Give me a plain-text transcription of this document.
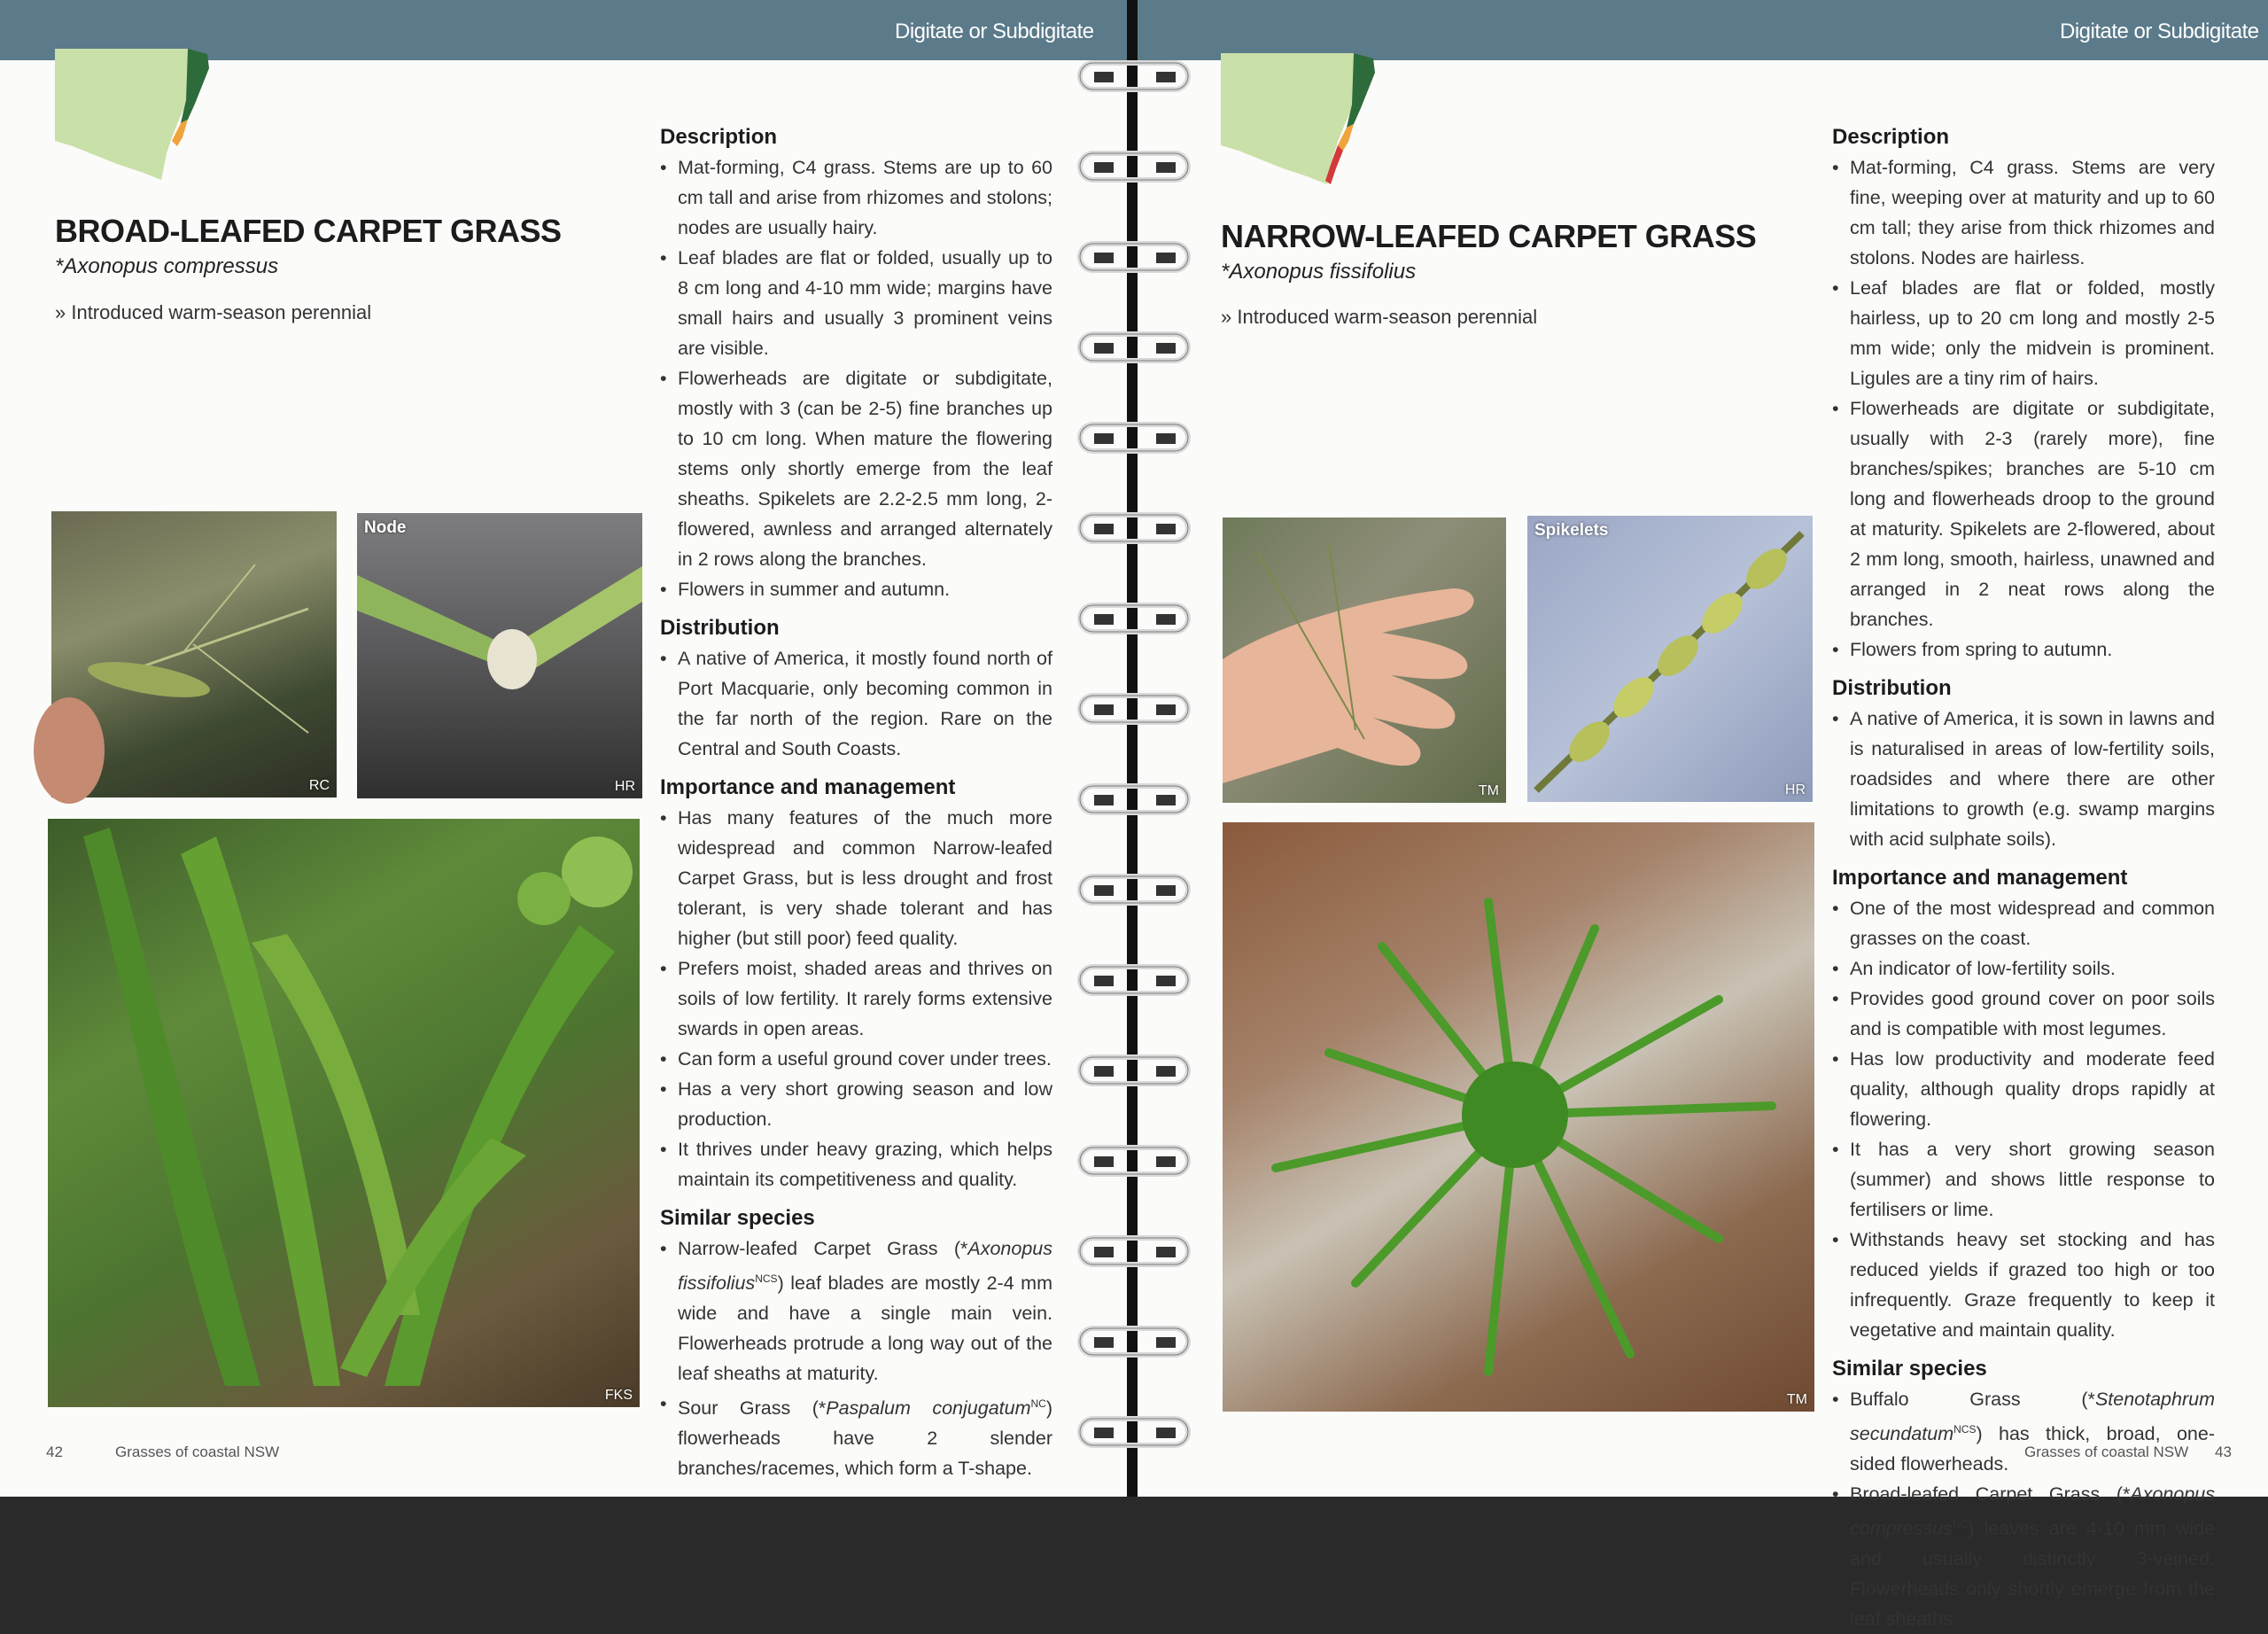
Digitate or Subdigitate
BROAD-LEAFED CARPET GRASS
*Axonopus compressus
» Introduced warm-season perennial
RC
Node
HR
FKS
Description
• Mat-forming, C4 grass. Stems are up to 60 cm tall and arise from rhizomes and stolons; nodes are usually hairy.
• Leaf blades are flat or folded, usually up to 8 cm long and 4-10 mm wide; margins have small hairs and usually 3 prominent veins are visible.
• Flowerheads are digitate or subdigitate, mostly with 3 (can be 2-5) fine branches up to 10 cm long. When mature the flowering stems only shortly emerge from the leaf sheaths. Spikelets are 2.2-2.5 mm long, 2-flowered, awnless and arranged alternately in 2 rows along the branches.
• Flowers in summer and autumn.
Distribution
• A native of America, it mostly found north of Port Macquarie, only becoming common in the far north of the region. Rare on the Central and South Coasts.
Importance and management
• Has many features of the much more widespread and common Narrow-leafed Carpet Grass, but is less drought and frost tolerant, is very shade tolerant and has higher (but still poor) feed quality.
• Prefers moist, shaded areas and thrives on soils of low fertility. It rarely forms extensive swards in open areas.
• Can form a useful ground cover under trees.
• Has a very short growing season and low production.
• It thrives under heavy grazing, which helps maintain its competitiveness and quality.
Similar species
• Narrow-leafed Carpet Grass (*Axonopus fissifolius$^{NCS}$) leaf blades are mostly 2-4 mm wide and have a single main vein. Flowerheads protrude a long way out of the leaf sheaths at maturity.
• Sour Grass (*Paspalum conjugatum$^{NC}$) flowerheads have 2 slender branches/racemes, which form a T-shape.
42	Grasses of coastal NSW
Digitate or Subdigitate
NARROW-LEAFED CARPET GRASS
*Axonopus fissifolius
» Introduced warm-season perennial
TM
Spikelets
HR
TM
Description
• Mat-forming, C4 grass. Stems are very fine, weeping over at maturity and up to 60 cm tall; they arise from thick rhizomes and stolons. Nodes are hairless.
• Leaf blades are flat or folded, mostly hairless, up to 20 cm long and mostly 2-5 mm wide; only the midvein is prominent. Ligules are a tiny rim of hairs.
• Flowerheads are digitate or subdigitate, usually with 2-3 (rarely more), fine branches/spikes; branches are 5-10 cm long and flowerheads droop to the ground at maturity. Spikelets are 2-flowered, about 2 mm long, smooth, hairless, unawned and arranged in 2 neat rows along the branches.
• Flowers from spring to autumn.
Distribution
• A native of America, it is sown in lawns and is naturalised in areas of low-fertility soils, roadsides and where there are other limitations to growth (e.g. swamp margins with acid sulphate soils).
Importance and management
• One of the most widespread and common grasses on the coast.
• An indicator of low-fertility soils.
• Provides good ground cover on poor soils and is compatible with most legumes.
• Has low productivity and moderate feed quality, although quality drops rapidly at flowering.
• It has a very short growing season (summer) and shows little response to fertilisers or lime.
• Withstands heavy set stocking and has reduced yields if grazed too high or too infrequently. Graze frequently to keep it vegetative and maintain quality.
Similar species
• Buffalo Grass (*Stenotaphrum secundatum$^{NCS}$) has thick, broad, one-sided flowerheads.
• Broad-leafed Carpet Grass (*Axonopus compressus$^{NC}$) leaves are 4-10 mm wide and usually distinctly 3-veined. Flowerheads only shortly emerge from the leaf sheaths.
Grasses of coastal NSW 43
